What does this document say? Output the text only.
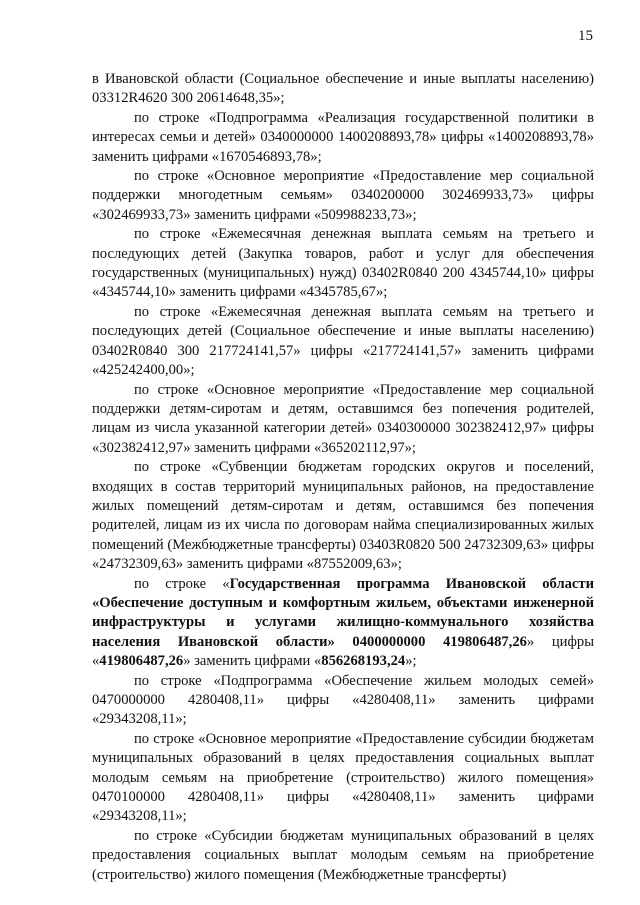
15

в Ивановской области (Социальное обеспечение и иные выплаты населению) 03312R4620 300 20614648,35»;

по строке «Подпрограмма «Реализация государственной политики в интересах семьи и детей» 0340000000 1400208893,78» цифры «1400208893,78» заменить цифрами «1670546893,78»;

по строке «Основное мероприятие «Предоставление мер социальной поддержки многодетным семьям» 0340200000 302469933,73» цифры «302469933,73» заменить цифрами «509988233,73»;

по строке «Ежемесячная денежная выплата семьям на третьего и последующих детей (Закупка товаров, работ и услуг для обеспечения государственных (муниципальных) нужд) 03402R0840 200 4345744,10» цифры «4345744,10» заменить цифрами «4345785,67»;

по строке «Ежемесячная денежная выплата семьям на третьего и последующих детей (Социальное обеспечение и иные выплаты населению) 03402R0840 300 217724141,57» цифры «217724141,57» заменить цифрами «425242400,00»;

по строке «Основное мероприятие «Предоставление мер социальной поддержки детям-сиротам и детям, оставшимся без попечения родителей, лицам из числа указанной категории детей» 0340300000 302382412,97» цифры «302382412,97» заменить цифрами «365202112,97»;

по строке «Субвенции бюджетам городских округов и поселений, входящих в состав территорий муниципальных районов, на предоставление жилых помещений детям-сиротам и детям, оставшимся без попечения родителей, лицам из их числа по договорам найма специализированных жилых помещений (Межбюджетные трансферты) 03403R0820 500 24732309,63» цифры «24732309,63» заменить цифрами «87552009,63»;

по строке «Государственная программа Ивановской области «Обеспечение доступным и комфортным жильем, объектами инженерной инфраструктуры и услугами жилищно-коммунального хозяйства населения Ивановской области» 0400000000 419806487,26» цифры «419806487,26» заменить цифрами «856268193,24»;

по строке «Подпрограмма «Обеспечение жильем молодых семей» 0470000000 4280408,11» цифры «4280408,11» заменить цифрами «29343208,11»;

по строке «Основное мероприятие «Предоставление субсидии бюджетам муниципальных образований в целях предоставления социальных выплат молодым семьям на приобретение (строительство) жилого помещения» 0470100000 4280408,11» цифры «4280408,11» заменить цифрами «29343208,11»;

по строке «Субсидии бюджетам муниципальных образований в целях предоставления социальных выплат молодым семьям на приобретение (строительство) жилого помещения (Межбюджетные трансферты)
